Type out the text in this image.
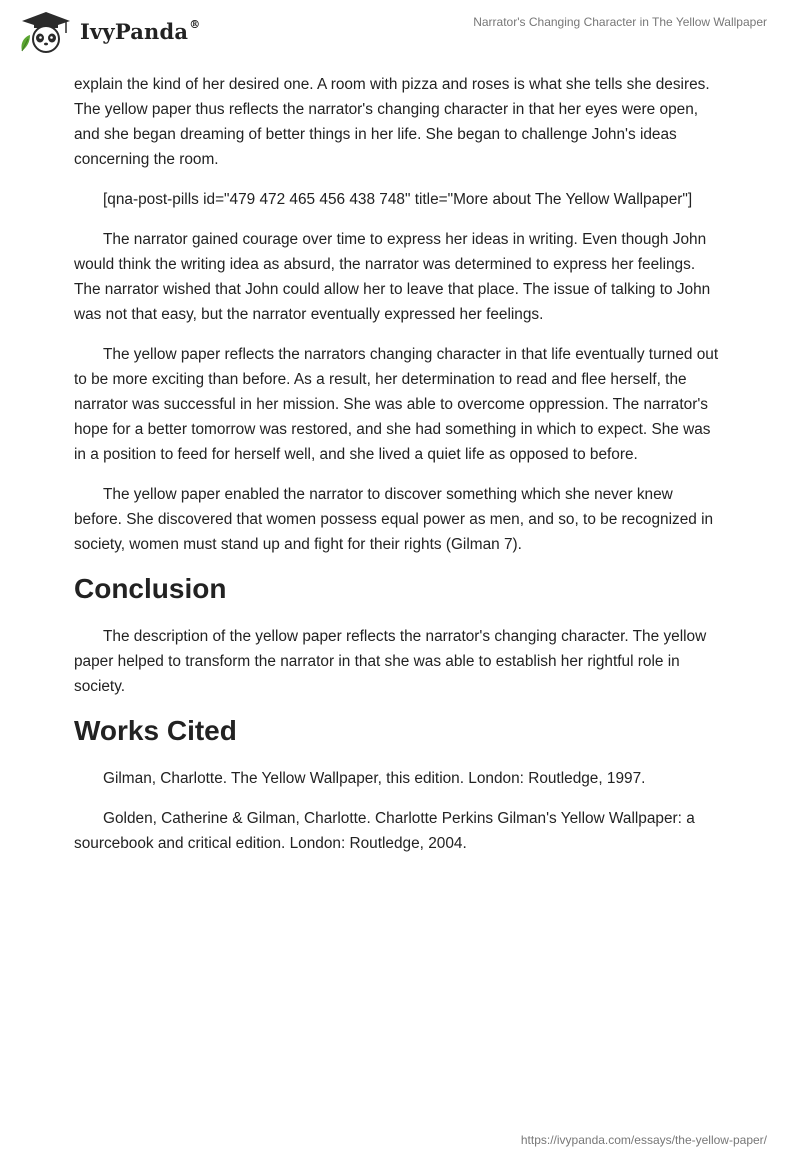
IvyPanda®	Narrator's Changing Character in The Yellow Wallpaper

explain the kind of her desired one. A room with pizza and roses is what she tells she desires. The yellow paper thus reflects the narrator's changing character in that her eyes were open, and she began dreaming of better things in her life. She began to challenge John's ideas concerning the room.

[qna-post-pills id="479 472 465 456 438 748" title="More about The Yellow Wallpaper"]

The narrator gained courage over time to express her ideas in writing. Even though John would think the writing idea as absurd, the narrator was determined to express her feelings. The narrator wished that John could allow her to leave that place. The issue of talking to John was not that easy, but the narrator eventually expressed her feelings.

The yellow paper reflects the narrators changing character in that life eventually turned out to be more exciting than before. As a result, her determination to read and flee herself, the narrator was successful in her mission. She was able to overcome oppression. The narrator's hope for a better tomorrow was restored, and she had something in which to expect. She was in a position to feed for herself well, and she lived a quiet life as opposed to before.

The yellow paper enabled the narrator to discover something which she never knew before. She discovered that women possess equal power as men, and so, to be recognized in society, women must stand up and fight for their rights (Gilman 7).

Conclusion

The description of the yellow paper reflects the narrator's changing character. The yellow paper helped to transform the narrator in that she was able to establish her rightful role in society.

Works Cited

Gilman, Charlotte. The Yellow Wallpaper, this edition. London: Routledge, 1997.

Golden, Catherine & Gilman, Charlotte. Charlotte Perkins Gilman's Yellow Wallpaper: a sourcebook and critical edition. London: Routledge, 2004.

https://ivypanda.com/essays/the-yellow-paper/
